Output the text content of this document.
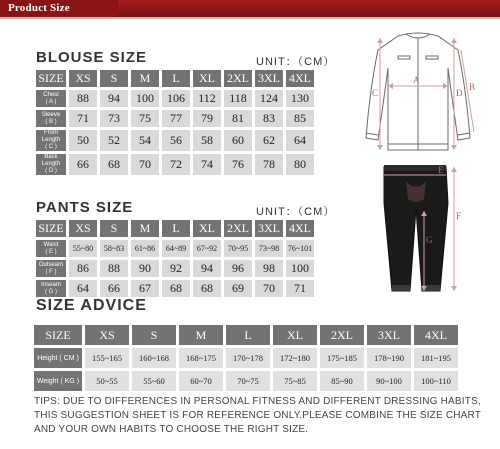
Product Size
BLOUSE SIZE	UNIT：（CM）
SIZE	XS	S	M	L	XL	2XL	3XL	4XL
Chest
( A )	88	94	100	106	112	118	124	130
Sleeve
( B )	71	73	75	77	79	81	83	85
Front Length
( C )	50	52	54	56	58	60	62	64
Back Length
( D )	66	68	70	72	74	76	78	80
PANTS SIZE	UNIT：（CM）
SIZE	XS	S	M	L	XL	2XL	3XL	4XL
Waist
( E )	55~80	58~83	61~86	64~89	67~92	70~95	73~98	76~101
Outseam
( F )	86	88	90	92	94	96	98	100
Inseam
( G )	64	66	67	68	68	69	70	71
SIZE ADVICE
SIZE	XS	S	M	L	XL	2XL	3XL	4XL
Height ( CM )	155~165	160~168	168~175	170~178	172~180	175~185	178~190	181~195
Weight ( KG )	50~55	55~60	60~70	70~75	75~85	85~90	90~100	100~110
TIPS: DUE TO DIFFERENCES IN PERSONAL FITNESS AND DIFFERENT DRESSING HABITS, THIS SUGGESTION SHEET IS FOR REFERENCE ONLY.PLEASE COMBINE THE SIZE CHART AND YOUR OWN HABITS TO CHOOSE THE RIGHT SIZE.
A
B
C	D
E
F
G
